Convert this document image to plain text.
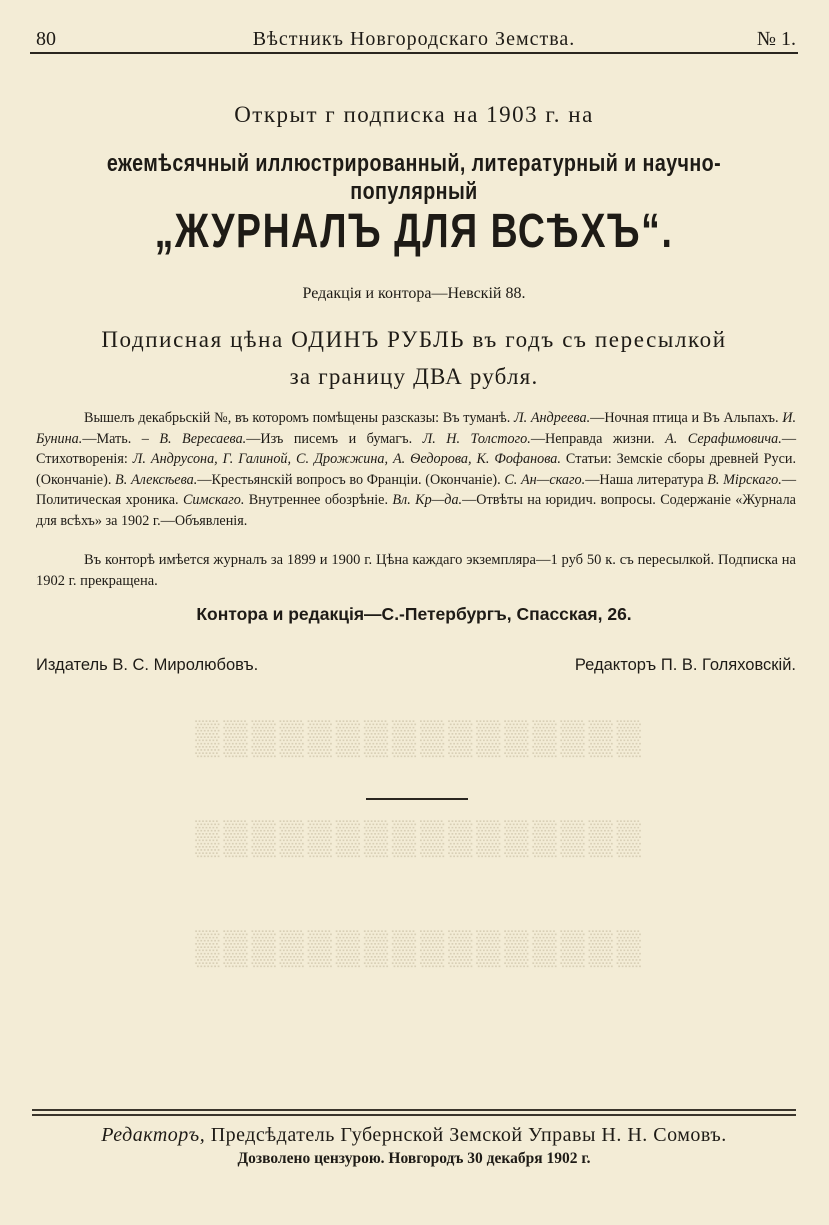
▒▒▒▒▒▒▒▒▒▒▒▒▒▒▒▒
▒▒▒▒▒▒▒▒▒▒▒▒▒▒▒▒
▒▒▒▒▒▒▒▒▒▒▒▒▒▒▒▒
80	Вѣстникъ Новгородскаго Земства.	№ 1.
Открыт г подписка на 1903 г. на
ежемѣсячный иллюстрированный, литературный и научно-популярный
„ЖУРНАЛЪ ДЛЯ ВСѢХЪ“.
Редакція и контора—Невскій 88.
Подписная цѣна ОДИНЪ РУБЛЬ въ годъ съ пересылкой
за границу ДВА рубля.
Вышелъ декабрьскій №, въ которомъ помѣщены разсказы: Въ туманѣ. Л. Андреева.—Ночная птица и Въ Альпахъ. И. Бунина.—Мать. – В. Вересаева.—Изъ писемъ и бумагъ. Л. Н. Толстого.—Неправда жизни. А. Серафимовича.—Стихотворенія: Л. Андрусона, Г. Галиной, С. Дрожжина, А. Ѳедорова, К. Фофанова. Статьи: Земскіе сборы древней Руси. (Окончаніе). В. Алексѣева.—Крестьянскій вопросъ во Франціи. (Окончаніе). С. Ан—скаго.—Наша литература В. Мірскаго.—Политическая хроника. Симскаго. Внутреннее обозрѣніе. Вл. Кр—да.—Отвѣты на юридич. вопросы. Содержаніе «Журнала для всѣхъ» за 1902 г.—Объявленія.
Въ конторѣ имѣется журналъ за 1899 и 1900 г. Цѣна каждаго экземпляра—1 руб 50 к. съ пересылкой. Подписка на 1902 г. прекращена.
Контора и редакція—С.-Петербургъ, Спасская, 26.
Издатель В. С. Миролюбовъ.	Редакторъ П. В. Голяховскій.
Редакторъ, Предсѣдатель Губернской Земской Управы Н. Н. Сомовъ.
Дозволено цензурою. Новгородъ 30 декабря 1902 г.
